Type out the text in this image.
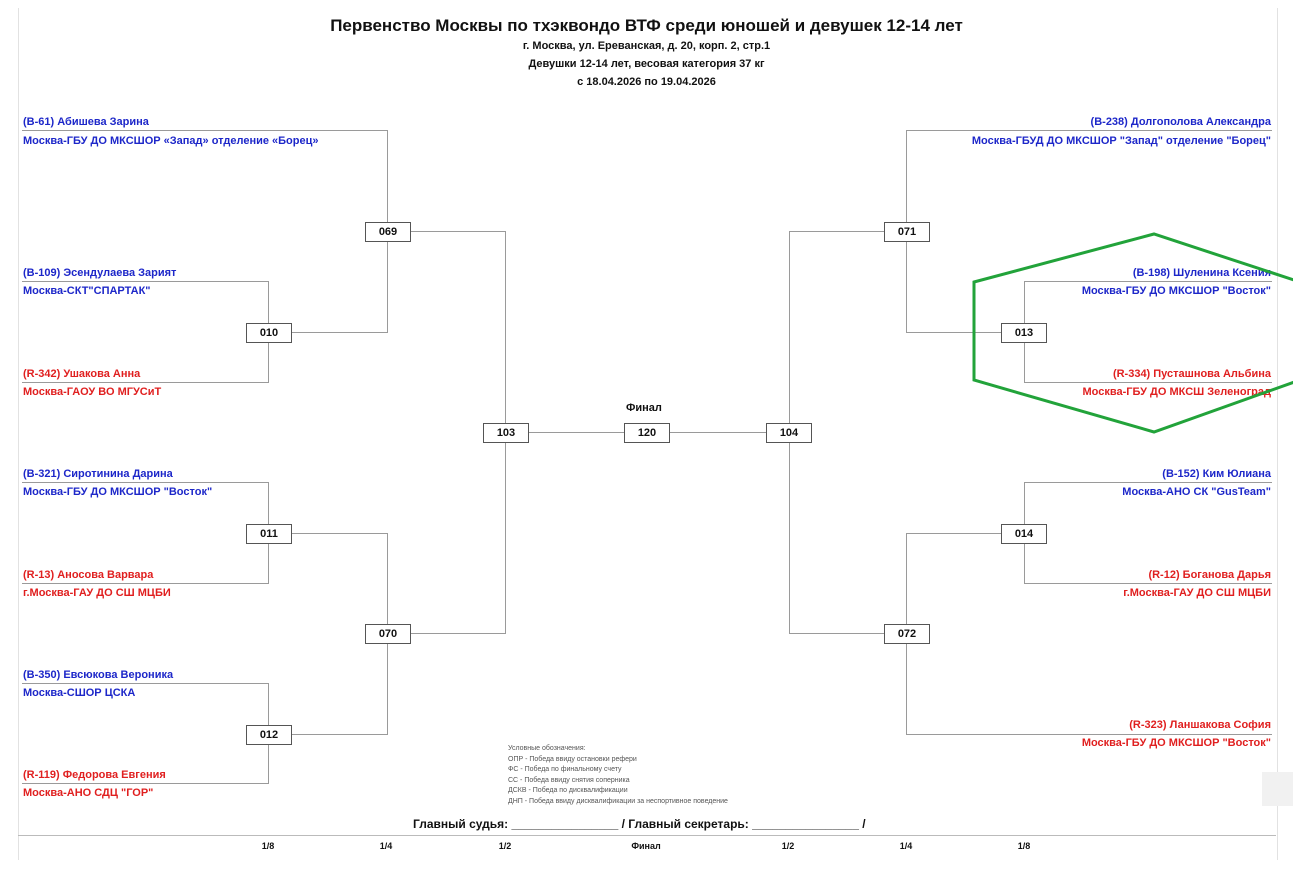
Первенство Москвы по тхэквондо ВТФ среди юношей и девушек 12-14 лет
г. Москва, ул. Ереванская, д. 20, корп. 2, стр.1
Девушки 12-14 лет, весовая категория 37 кг
с 18.04.2026 по 19.04.2026
(B-61) Абишева Зарина
Москва-ГБУ ДО МКСШОР «Запад» отделение «Борец»
(B-109) Эсендулаева Зарият
Москва-СКТ"СПАРТАК"
(R-342) Ушакова Анна
Москва-ГАОУ ВО МГУСиТ
(B-321) Сиротинина Дарина
Москва-ГБУ ДО МКСШОР "Восток"
(R-13) Аносова Варвара
г.Москва-ГАУ ДО СШ МЦБИ
(B-350) Евсюкова Вероника
Москва-СШОР ЦСКА
(R-119) Федорова Евгения
Москва-АНО СДЦ "ГОР"
(B-238) Долгополова Александра
Москва-ГБУД ДО МКСШОР "Запад" отделение "Борец"
(B-198) Шуленина Ксения
Москва-ГБУ ДО МКСШОР "Восток"
(R-334) Пусташнова Альбина
Москва-ГБУ ДО МКСШ Зеленоград
(B-152) Ким Юлиана
Москва-АНО СК "GusTeam"
(R-12) Боганова Дарья
г.Москва-ГАУ ДО СШ МЦБИ
(R-323) Ланшакова София
Москва-ГБУ ДО МКСШОР "Восток"
069
010
011
070
012
103	120	104
071
013
014
072
Финал
Условные обозначения:
ОПР - Победа ввиду остановки рефери
ФС - Победа по финальному счету
СС - Победа ввиду снятия соперника
ДСКВ - Победа по дисквалификации
ДНП - Победа ввиду дисквалификации за неспортивное поведение
Главный судья: ________________ / Главный секретарь: ________________ /
1/8	1/4	1/2	Финал	1/2	1/4	1/8
